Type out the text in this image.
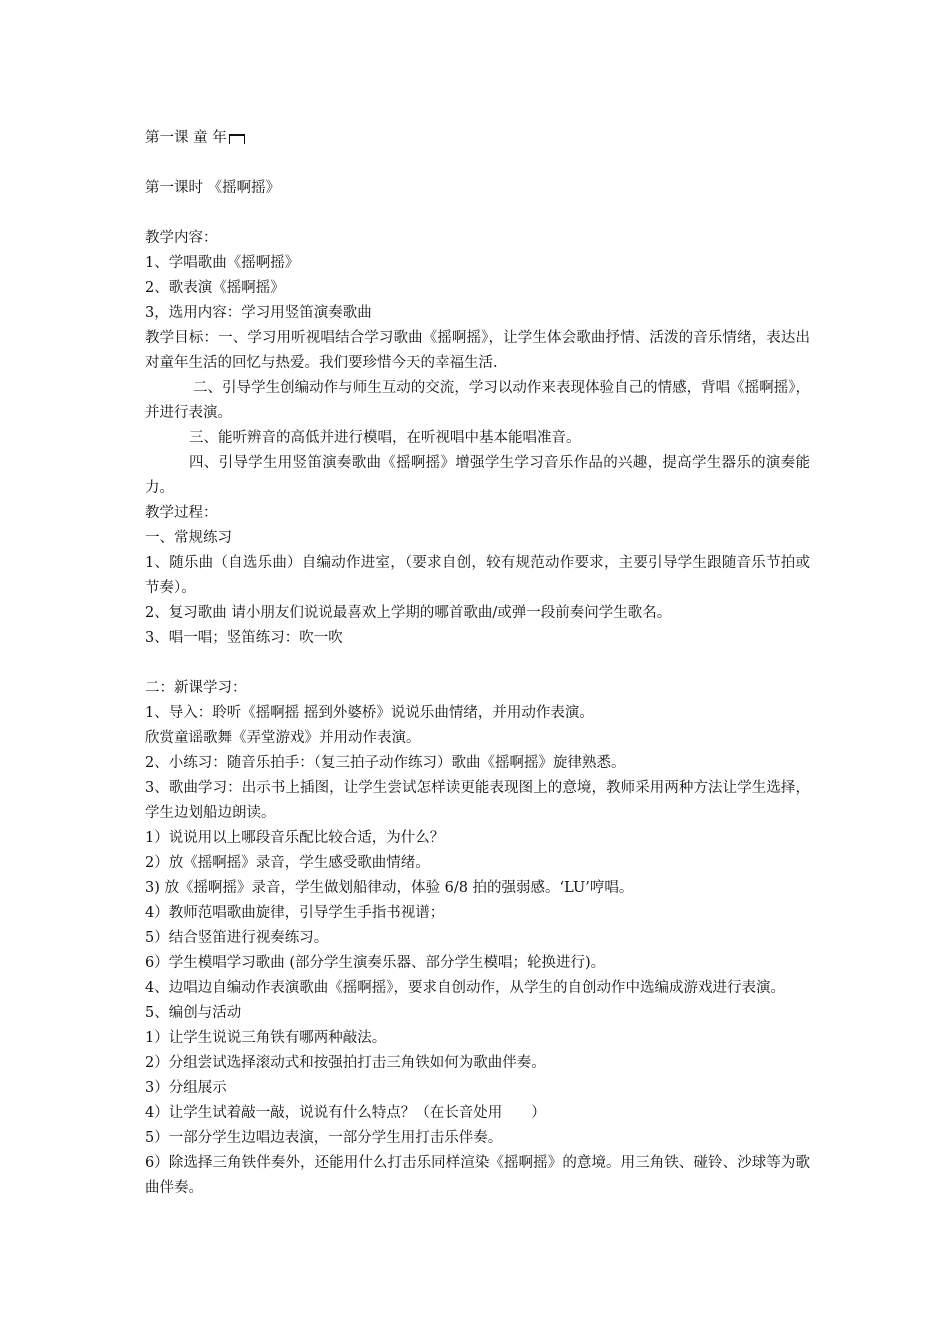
第一课 童 年
第一课时 《摇啊摇》
教学内容：
1、学唱歌曲《摇啊摇》
2、歌表演《摇啊摇》
3，选用内容：学习用竖笛演奏歌曲
教学目标：一、学习用听视唱结合学习歌曲《摇啊摇》，让学生体会歌曲抒情、活泼的音乐情绪，表达出对童年生活的回忆与热爱。我们要珍惜今天的幸福生活.
二、引导学生创编动作与师生互动的交流，学习以动作来表现体验自己的情感，背唱《摇啊摇》，并进行表演。
三、能听辨音的高低并进行模唱，在听视唱中基本能唱准音。
四、引导学生用竖笛演奏歌曲《摇啊摇》增强学生学习音乐作品的兴趣，提高学生器乐的演奏能力。
教学过程：
一、常规练习
1、随乐曲（自选乐曲）自编动作进室，（要求自创，较有规范动作要求，主要引导学生跟随音乐节拍或节奏）。
2、复习歌曲 请小朋友们说说最喜欢上学期的哪首歌曲/或弹一段前奏问学生歌名。
3、唱一唱；竖笛练习：吹一吹
二：新课学习：
1、导入：聆听《摇啊摇 摇到外婆桥》说说乐曲情绪，并用动作表演。
欣赏童谣歌舞《弄堂游戏》并用动作表演。
2、小练习：随音乐拍手：（复三拍子动作练习）歌曲《摇啊摇》旋律熟悉。
3、歌曲学习：出示书上插图，让学生尝试怎样读更能表现图上的意境，教师采用两种方法让学生选择，学生边划船边朗读。
1）说说用以上哪段音乐配比较合适，为什么？
2）放《摇啊摇》录音，学生感受歌曲情绪。
3) 放《摇啊摇》录音，学生做划船律动，体验 6/8 拍的强弱感。‘LU’哼唱。
4）教师范唱歌曲旋律，引导学生手指书视谱；
5）结合竖笛进行视奏练习。
6）学生模唱学习歌曲 (部分学生演奏乐器、部分学生模唱；轮换进行)。
4、边唱边自编动作表演歌曲《摇啊摇》，要求自创动作，从学生的自创动作中选编成游戏进行表演。
5、编创与活动
1）让学生说说三角铁有哪两种敲法。
2）分组尝试选择滚动式和按强拍打击三角铁如何为歌曲伴奏。
3）分组展示
4）让学生试着敲一敲，说说有什么特点？（在长音处用　　）
5）一部分学生边唱边表演，一部分学生用打击乐伴奏。
6）除选择三角铁伴奏外，还能用什么打击乐同样渲染《摇啊摇》的意境。用三角铁、碰铃、沙球等为歌曲伴奏。
